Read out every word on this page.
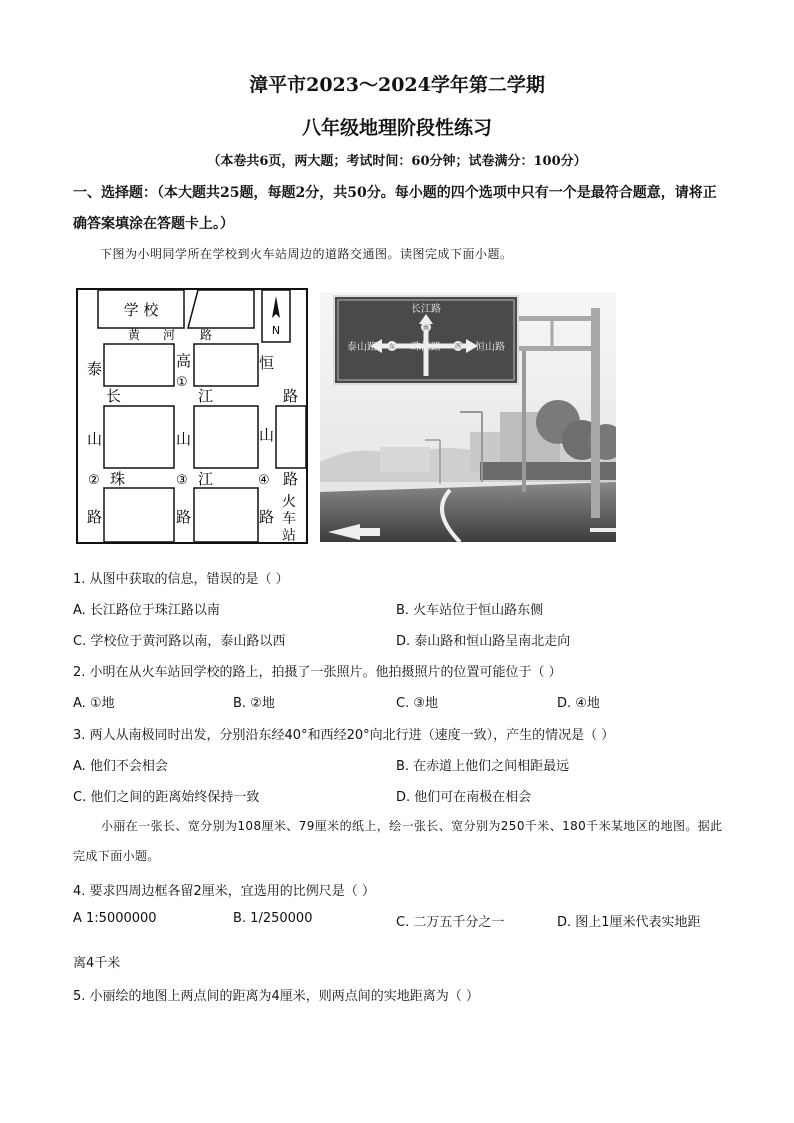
漳平市2023～2024学年第二学期
八年级地理阶段性练习
（本卷共6页，两大题；考试时间：60分钟；试卷满分：100分）
一、选择题：（本大题共25题，每题2分，共50分。每小题的四个选项中只有一个是最符合题意，请将正确答案填涂在答题卡上。）
下图为小明同学所在学校到火车站周边的道路交通图。读图完成下面小题。
学 校
N
黄 河 路
长	江	路
珠	江	路
泰
山
路
高
山
路
恒
山
路
火
车
站
①
②	③	④
南
东	西
长江路
泰山路	珠江路	恒山路
1. 从图中获取的信息，错误的是（ ）
A. 长江路位于珠江路以南	B. 火车站位于恒山路东侧
C. 学校位于黄河路以南，泰山路以西	D. 泰山路和恒山路呈南北走向
2. 小明在从火车站回学校的路上，拍摄了一张照片。他拍摄照片的位置可能位于（ ）
A. ①地	B. ②地	C. ③地	D. ④地
3. 两人从南极同时出发，分别沿东经40°和西经20°向北行进（速度一致），产生的情况是（ ）
A. 他们不会相会	B. 在赤道上他们之间相距最远
C. 他们之间的距离始终保持一致	D. 他们可在南极在相会
小丽在一张长、宽分别为108厘米、79厘米的纸上，绘一张长、宽分别为250千米、180千米某地区的地图。据此完成下面小题。
4. 要求四周边框各留2厘米，宜选用的比例尺是（ ）
A 1:5000000	B. 1/250000	C. 二万五千分之一	D. 图上1厘米代表实地距
离4千米
5. 小丽绘的地图上两点间的距离为4厘米，则两点间的实地距离为（ ）
